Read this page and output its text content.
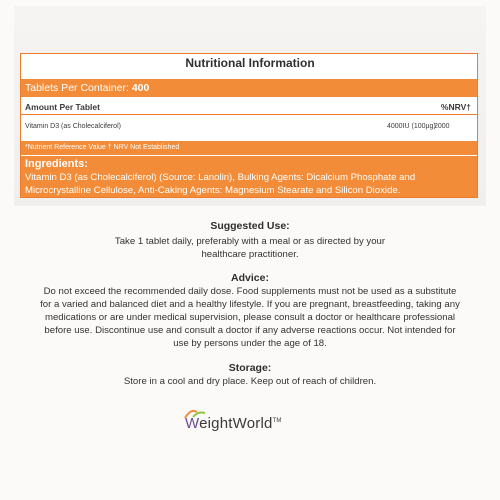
Nutritional Information
Tablets Per Container: 400
Amount Per Tablet	%NRV†
Vitamin D3 (as Cholecalciferol)	4000IU (100µg)
2000
*Nutrient Reference Value † NRV Not Established
Ingredients:
Vitamin D3 (as Cholecalciferol) (Source: Lanolin), Bulking Agents: Dicalcium Phosphate and Microcrystalline Cellulose, Anti-Caking Agents: Magnesium Stearate and Silicon Dioxide.
Suggested Use:
Take 1 tablet daily, preferably with a meal or as directed by your healthcare practitioner.
Advice:
Do not exceed the recommended daily dose. Food supplements must not be used as a substitute for a varied and balanced diet and a healthy lifestyle. If you are pregnant, breastfeeding, taking any medications or are under medical supervision, please consult a doctor or healthcare professional before use. Discontinue use and consult a doctor if any adverse reactions occur. Not intended for use by persons under the age of 18.
Storage:
Store in a cool and dry place. Keep out of reach of children.
WeightWorld™
